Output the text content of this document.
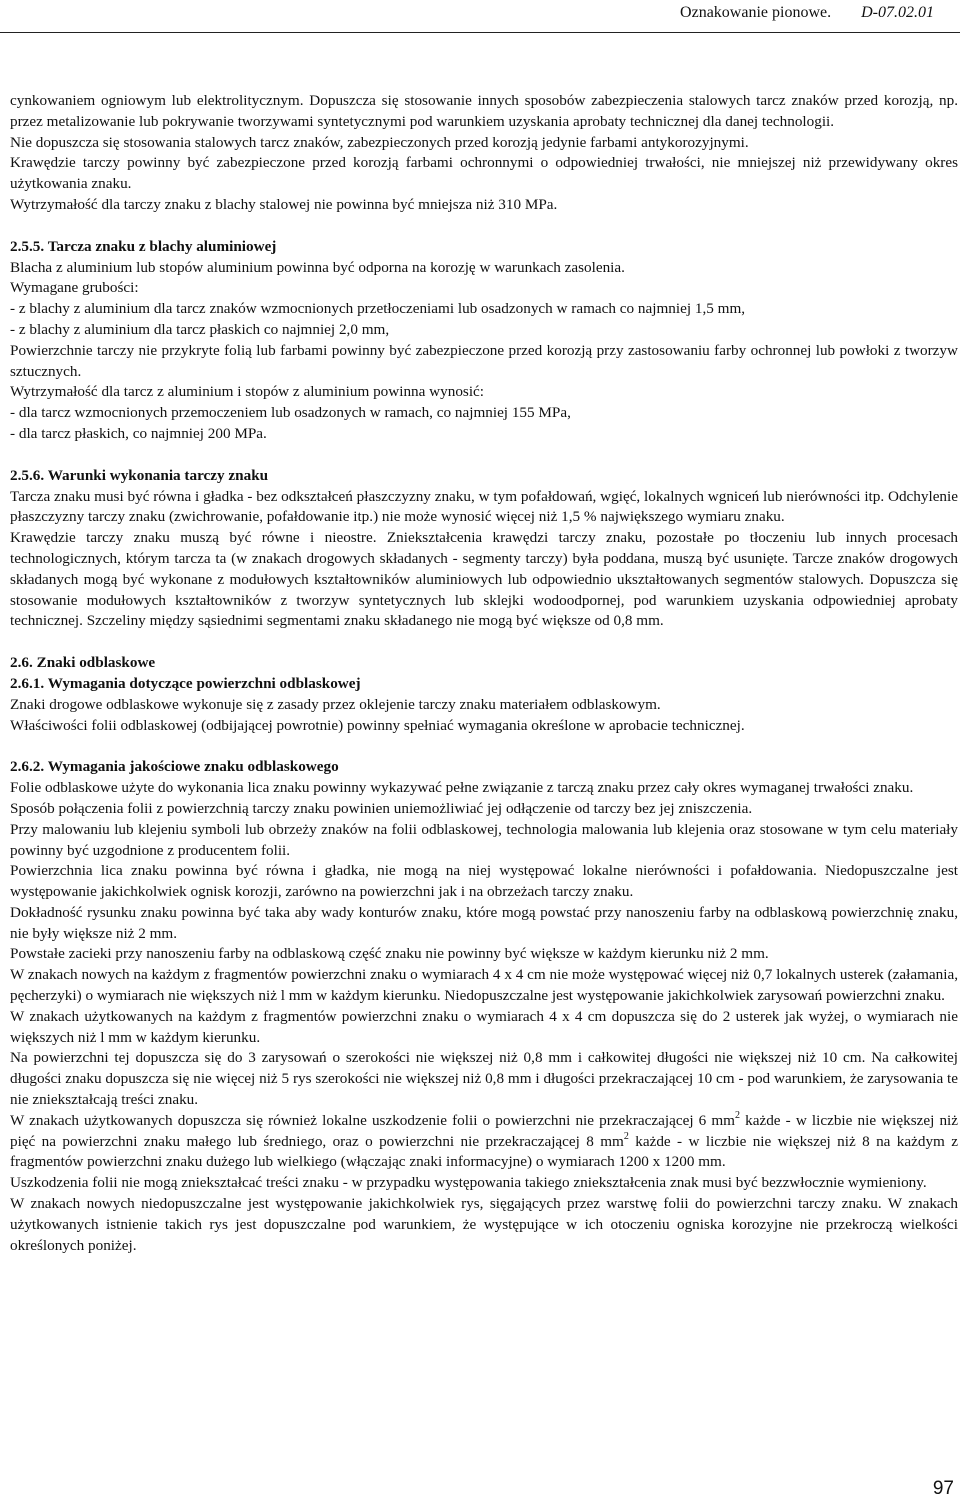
Oznakowanie pionowe. D-07.02.01

cynkowaniem ogniowym lub elektrolitycznym. Dopuszcza się stosowanie innych sposobów zabezpieczenia stalowych tarcz znaków przed korozją, np. przez metalizowanie lub pokrywanie tworzywami syntetycznymi pod warunkiem uzyskania aprobaty technicznej dla danej technologii.

Nie dopuszcza się stosowania stalowych tarcz znaków, zabezpieczonych przed korozją jedynie farbami antykorozyjnymi.

Krawędzie tarczy powinny być zabezpieczone przed korozją farbami ochronnymi o odpowiedniej trwałości, nie mniejszej niż przewidywany okres użytkowania znaku.

Wytrzymałość dla tarczy znaku z blachy stalowej nie powinna być mniejsza niż 310 MPa.

2.5.5. Tarcza znaku z blachy aluminiowej

Blacha z aluminium lub stopów aluminium powinna być odporna na korozję w warunkach zasolenia.

Wymagane grubości:

- z blachy z aluminium dla tarcz znaków wzmocnionych przetłoczeniami lub osadzonych w ramach co najmniej 1,5 mm,

- z blachy z aluminium dla tarcz płaskich co najmniej 2,0 mm,

Powierzchnie tarczy nie przykryte folią lub farbami powinny być zabezpieczone przed korozją przy zastosowaniu farby ochronnej lub powłoki z tworzyw sztucznych.

Wytrzymałość dla tarcz z aluminium i stopów z aluminium powinna wynosić:

- dla tarcz wzmocnionych przemoczeniem lub osadzonych w ramach, co najmniej 155 MPa,

- dla tarcz płaskich, co najmniej 200 MPa.

2.5.6. Warunki wykonania tarczy znaku

Tarcza znaku musi być równa i gładka - bez odkształceń płaszczyzny znaku, w tym pofałdowań, wgięć, lokalnych wgniceń lub nierówności itp. Odchylenie płaszczyzny tarczy znaku (zwichrowanie, pofałdowanie itp.) nie może wynosić więcej niż 1,5 % największego wymiaru znaku.

Krawędzie tarczy znaku muszą być równe i nieostre. Zniekształcenia krawędzi tarczy znaku, pozostałe po tłoczeniu lub innych procesach technologicznych, którym tarcza ta (w znakach drogowych składanych - segmenty tarczy) była poddana, muszą być usunięte. Tarcze znaków drogowych składanych mogą być wykonane z modułowych kształtowników aluminiowych lub odpowiednio ukształtowanych segmentów stalowych. Dopuszcza się stosowanie modułowych kształtowników z tworzyw syntetycznych lub sklejki wodoodpornej, pod warunkiem uzyskania odpowiedniej aprobaty technicznej. Szczeliny między sąsiednimi segmentami znaku składanego nie mogą być większe od 0,8 mm.

2.6. Znaki odblaskowe

2.6.1. Wymagania dotyczące powierzchni odblaskowej

Znaki drogowe odblaskowe wykonuje się z zasady przez oklejenie tarczy znaku materiałem odblaskowym.

Właściwości folii odblaskowej (odbijającej powrotnie) powinny spełniać wymagania określone w aprobacie technicznej.

2.6.2. Wymagania jakościowe znaku odblaskowego

Folie odblaskowe użyte do wykonania lica znaku powinny wykazywać pełne związanie z tarczą znaku przez cały okres wymaganej trwałości znaku.

Sposób połączenia folii z powierzchnią tarczy znaku powinien uniemożliwiać jej odłączenie od tarczy bez jej zniszczenia.

Przy malowaniu lub klejeniu symboli lub obrzeży znaków na folii odblaskowej, technologia malowania lub klejenia oraz stosowane w tym celu materiały powinny być uzgodnione z producentem folii.

Powierzchnia lica znaku powinna być równa i gładka, nie mogą na niej występować lokalne nierówności i pofałdowania. Niedopuszczalne jest występowanie jakichkolwiek ognisk korozji, zarówno na powierzchni jak i na obrzeżach tarczy znaku.

Dokładność rysunku znaku powinna być taka aby wady konturów znaku, które mogą powstać przy nanoszeniu farby na odblaskową powierzchnię znaku, nie były większe niż 2 mm.

Powstałe zacieki przy nanoszeniu farby na odblaskową część znaku nie powinny być większe w każdym kierunku niż 2 mm.

W znakach nowych na każdym z fragmentów powierzchni znaku o wymiarach 4 x 4 cm nie może występować więcej niż 0,7 lokalnych usterek (załamania, pęcherzyki) o wymiarach nie większych niż l mm w każdym kierunku. Niedopuszczalne jest występowanie jakichkolwiek zarysowań powierzchni znaku.

W znakach użytkowanych na każdym z fragmentów powierzchni znaku o wymiarach 4 x 4 cm dopuszcza się do 2 usterek jak wyżej, o wymiarach nie większych niż l mm w każdym kierunku.

Na powierzchni tej dopuszcza się do 3 zarysowań o szerokości nie większej niż 0,8 mm i całkowitej długości nie większej niż 10 cm. Na całkowitej długości znaku dopuszcza się nie więcej niż 5 rys szerokości nie większej niż 0,8 mm i długości przekraczającej 10 cm - pod warunkiem, że zarysowania te nie zniekształcają treści znaku.

W znakach użytkowanych dopuszcza się również lokalne uszkodzenie folii o powierzchni nie przekraczającej 6 $mm^2$ każde - w liczbie nie większej niż pięć na powierzchni znaku małego lub średniego, oraz o powierzchni nie przekraczającej 8 $mm^2$ każde - w liczbie nie większej niż 8 na każdym z fragmentów powierzchni znaku dużego lub wielkiego (włączając znaki informacyjne) o wymiarach 1200 x 1200 mm.

Uszkodzenia folii nie mogą zniekształcać treści znaku - w przypadku występowania takiego zniekształcenia znak musi być bezzwłocznie wymieniony.

W znakach nowych niedopuszczalne jest występowanie jakichkolwiek rys, sięgających przez warstwę folii do powierzchni tarczy znaku. W znakach użytkowanych istnienie takich rys jest dopuszczalne pod warunkiem, że występujące w ich otoczeniu ogniska korozyjne nie przekroczą wielkości określonych poniżej.

97
